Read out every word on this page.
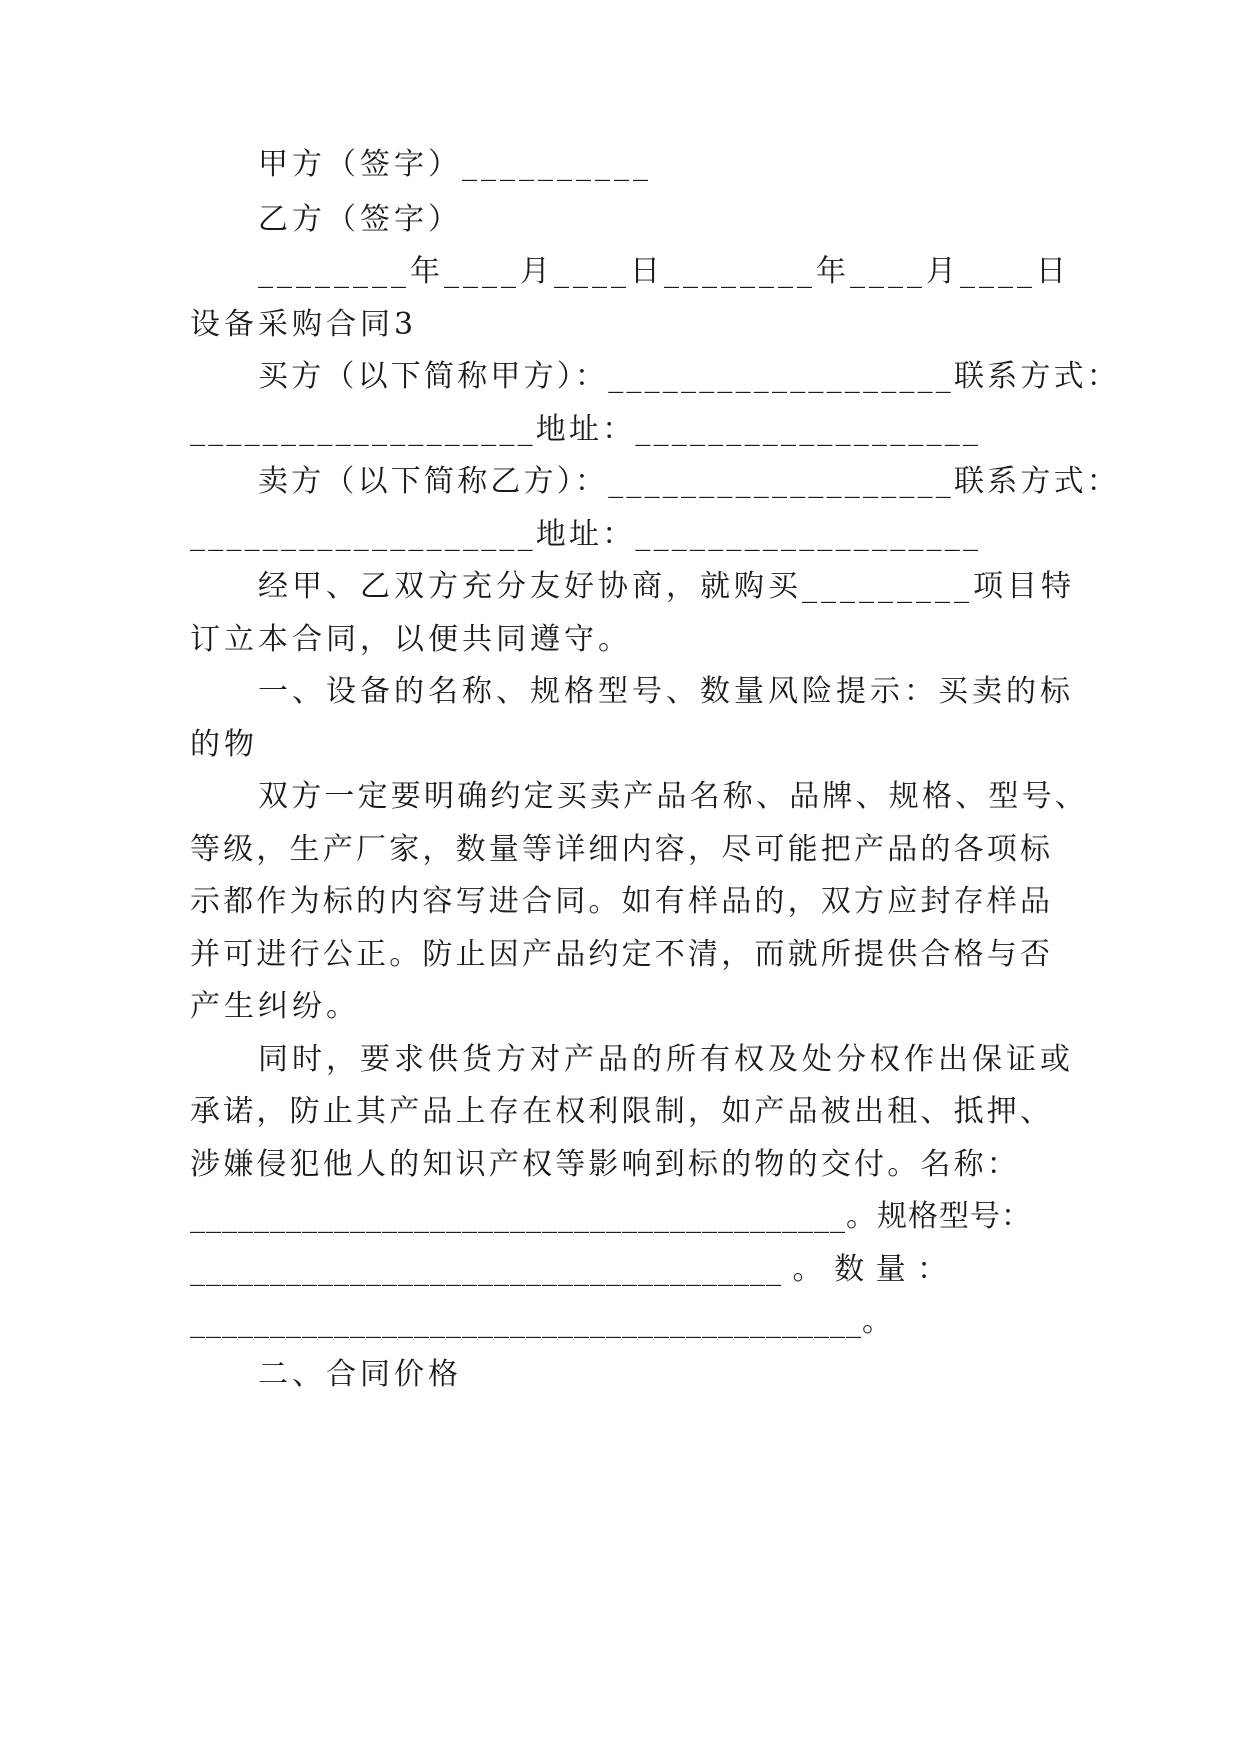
甲方（签字）__________
乙方（签字）
________年____月____日________年____月____日
设备采购合同3
买方（以下简称甲方）：___________________联系方式：
___________________地址：___________________
卖方（以下简称乙方）：___________________联系方式：
___________________地址：___________________
经甲、乙双方充分友好协商，就购买_________项目特
订立本合同，以便共同遵守。
一、设备的名称、规格型号、数量风险提示：买卖的标
的物
双方一定要明确约定买卖产品名称、品牌、规格、型号、
等级，生产厂家，数量等详细内容，尽可能把产品的各项标
示都作为标的内容写进合同。如有样品的，双方应封存样品
并可进行公正。防止因产品约定不清，而就所提供合格与否
产生纠纷。
同时，要求供货方对产品的所有权及处分权作出保证或
承诺，防止其产品上存在权利限制，如产品被出租、抵押、
涉嫌侵犯他人的知识产权等影响到标的物的交付。名称：
_________________________________________。规格型号：
_____________________________________ 。 数 量 ：
__________________________________________。
二、合同价格
